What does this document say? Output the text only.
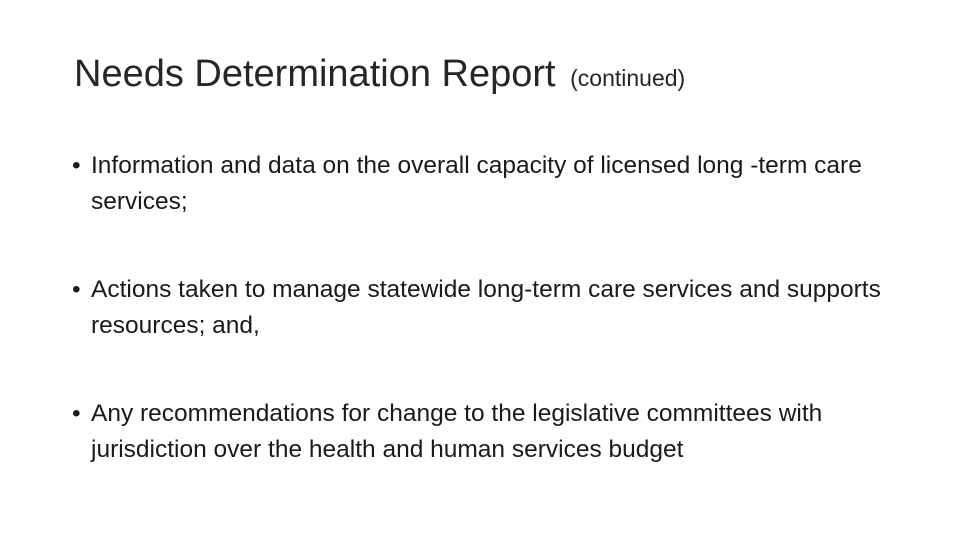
Needs Determination Report (continued)
• Information and data on the overall capacity of licensed long -term care services;
• Actions taken to manage statewide long-term care services and supports resources; and,
• Any recommendations for change to the legislative committees with jurisdiction over the health and human services budget
